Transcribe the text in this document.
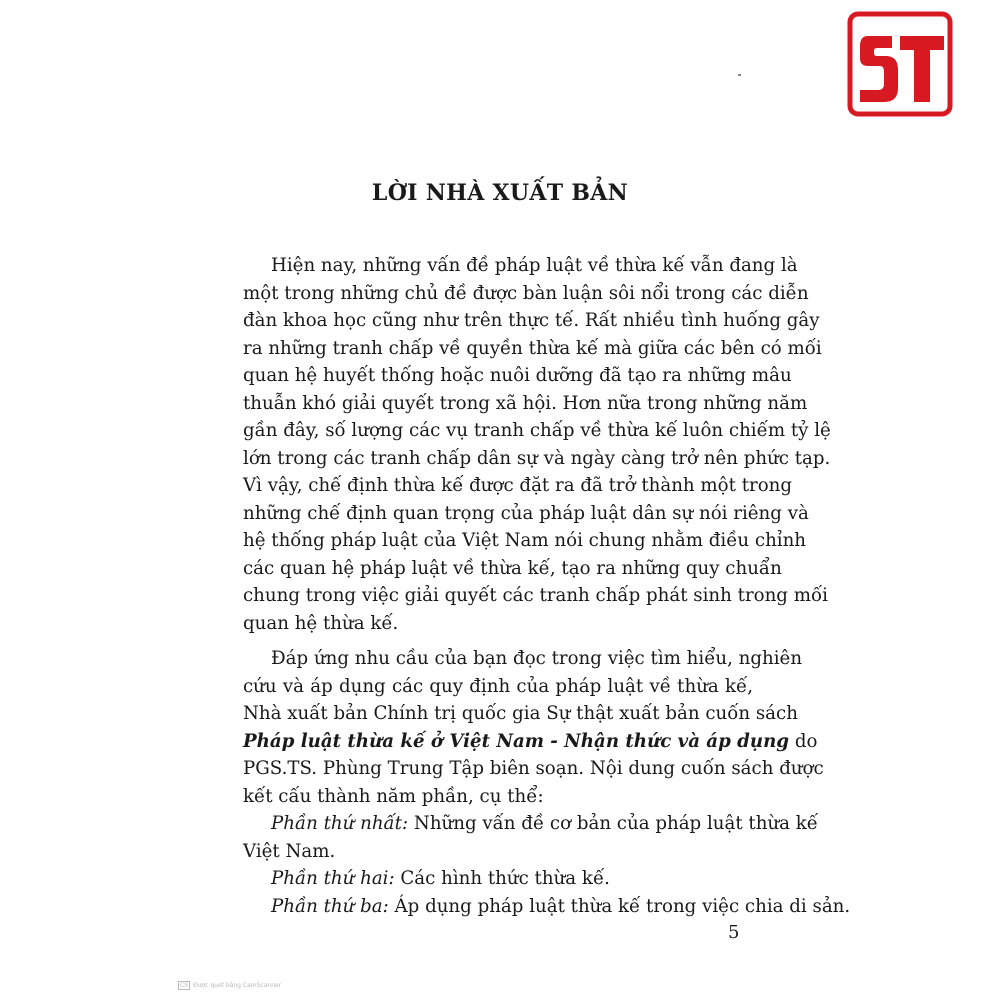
LỜI NHÀ XUẤT BẢN
Hiện nay, những vấn đề pháp luật về thừa kế vẫn đang là
một trong những chủ đề được bàn luận sôi nổi trong các diễn
đàn khoa học cũng như trên thực tế. Rất nhiều tình huống gây
ra những tranh chấp về quyền thừa kế mà giữa các bên có mối
quan hệ huyết thống hoặc nuôi dưỡng đã tạo ra những mâu
thuẫn khó giải quyết trong xã hội. Hơn nữa trong những năm
gần đây, số lượng các vụ tranh chấp về thừa kế luôn chiếm tỷ lệ
lớn trong các tranh chấp dân sự và ngày càng trở nên phức tạp.
Vì vậy, chế định thừa kế được đặt ra đã trở thành một trong
những chế định quan trọng của pháp luật dân sự nói riêng và
hệ thống pháp luật của Việt Nam nói chung nhằm điều chỉnh
các quan hệ pháp luật về thừa kế, tạo ra những quy chuẩn
chung trong việc giải quyết các tranh chấp phát sinh trong mối
quan hệ thừa kế.
Đáp ứng nhu cầu của bạn đọc trong việc tìm hiểu, nghiên
cứu và áp dụng các quy định của pháp luật về thừa kế,
Nhà xuất bản Chính trị quốc gia Sự thật xuất bản cuốn sách
Pháp luật thừa kế ở Việt Nam - Nhận thức và áp dụng do
PGS.TS. Phùng Trung Tập biên soạn. Nội dung cuốn sách được
kết cấu thành năm phần, cụ thể:
Phần thứ nhất: Những vấn đề cơ bản của pháp luật thừa kế
Việt Nam.
Phần thứ hai: Các hình thức thừa kế.
Phần thứ ba: Áp dụng pháp luật thừa kế trong việc chia di sản.
5
CS Được quét bằng CamScanner
